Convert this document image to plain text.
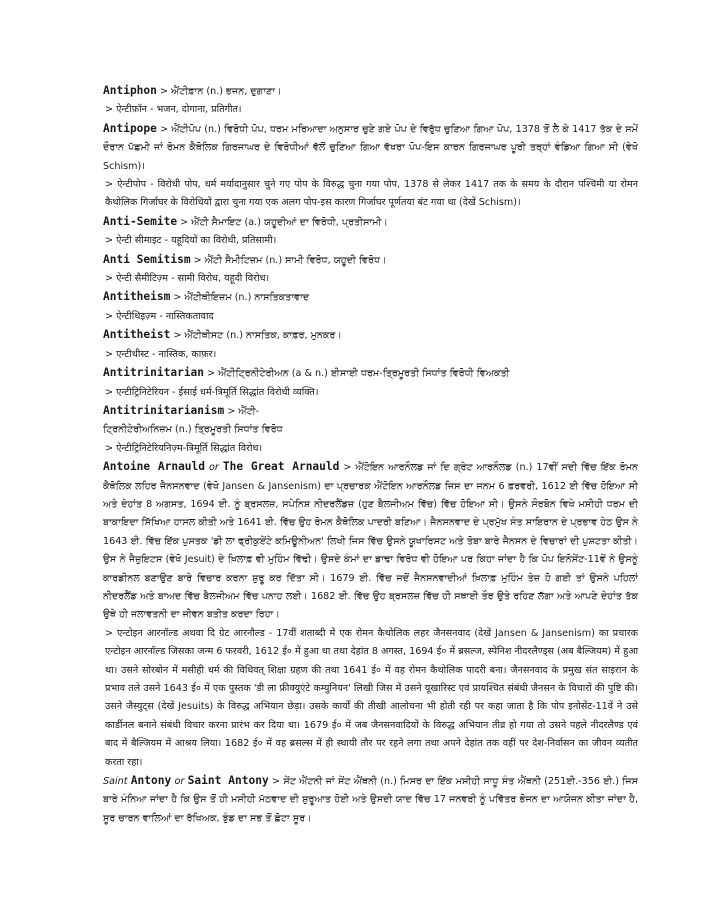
Antiphon > ਐਂਟੀਫ਼ਾਨ (n.) ਭਜਨ, ਦੁਗਾਣਾ।
> ऐन्टीफ़ॉन - भजन, दोगाना, प्रतिगीत।
Antipope > ਐਂਟੀਪੋਪ (n.) ਵਿਰੋਧੀ ਪੋਪ, ਧਰਮ ਮਰਿਆਦਾ ਅਨੁਸਾਰ ਚੁਣੇ ਗਏ ਪੋਪ ਦੇ ਵਿਰੁੱਧ ਚੁਣਿਆ ਗਿਆ ਪੋਪ, 1378 ਤੋਂ ਲੈ ਕੇ 1417 ਤੱਕ ਦੇ ਸਮੇਂ ਦੌਰਾਨ ਪੱਛਮੀ ਜਾਂ ਰੋਮਨ ਕੈਥੋਲਿਕ ਗਿਰਜਾਘਰ ਦੇ ਵਿਰੋਧੀਆਂ ਵੱਲੋਂ ਚੁਣਿਆ ਗਿਆ ਵੱਖਰਾ ਪੋਪ-ਇਸ ਕਾਰਨ ਗਿਰਜਾਘਰ ਪੂਰੀ ਤਰ੍ਹਾਂ ਵੰਡਿਆ ਗਿਆ ਸੀ (ਵੇਖੋ Schism)।
> ऐन्टीपोप - विरोधी पोप, धर्म मर्यादानुसार चुने गए पोप के विरुद्ध चुना गया पोप, 1378 से लेकर 1417 तक के समय के दौरान पश्चिमी या रोमन कैथोलिक गिर्जाघर के विरोधियों द्वारा चुना गया एक अलग पोप-इस कारण गिर्जाघर पूर्णतया बंट गया था (देखें Schism)।
Anti-Semite > ਐਂਟੀ ਸੈਮਾਇਟ (a.) ਯਹੂਦੀਆਂ ਦਾ ਵਿਰੋਧੀ, ਪ੍ਰਤੀਸਾਮੀ।
> ऐन्टी सीमाइट - यहूदियों का विरोधी, प्रतिसामी।
Anti Semitism > ਐਂਟੀ ਸੈਮੀਟਿਜ਼ਮ (n.) ਸਾਮੀ ਵਿਰੋਧ, ਯਹੂਦੀ ਵਿਰੋਧ।
> ऐन्टी सैमीटिज़्म - सामी विरोध, यहूदी विरोध।
Antitheism > ਐਂਟੀਥੀਇਜ਼ਮ (n.) ਨਾਸਤਿਕਤਾਵਾਦ
> ऐन्टीथिइज़्म - नास्तिकतावाद
Antitheist > ਐਂਟੀਥੀਸਟ (n.) ਨਾਸਤਿਕ, ਕਾਫ਼ਰ, ਮੁਨਕਰ।
> एन्टीथीस्ट - नास्तिक, काफ़र।
Antitrinitarian > ਐਂਟੀਟ੍ਰਿਨੀਟੇਰੀਅਨ (a & n.) ਈਸਾਈ ਧਰਮ-ਤ੍ਰਿਮੂਰਤੀ ਸਿਧਾਂਤ ਵਿਰੋਧੀ ਵਿਅਕਤੀ
> एन्टीट्रिनिटेरियन - ईसाई धर्म-त्रिमूर्ति सिद्धांत विरोधी व्यक्ति।
Antitrinitarianism > ਐਂਟੀ-
ਟ੍ਰਿਨੀਟੇਰੀਅਨਿਜ਼ਮ (n.) ਤ੍ਰਿਮੂਰਤੀ ਸਿਧਾਂਤ ਵਿਰੋਧ
> ऐन्टीट्रिनिटेरियनिज़्म-त्रिमूर्ति सिद्धांत विरोध।
Antoine Arnauld or The Great Arnauld > ਐਂਟੋਇਨ ਆਰਨੌਲਡ ਜਾਂ ਦਿ ਗ੍ਰੇਟ ਆਰਨੌਲਡ (n.) 17ਵੀਂ ਸਦੀ ਵਿੱਚ ਇੱਕ ਰੋਮਨ ਕੈਥੋਲਿਕ ਲਹਿਰ ਜੈਨਸਨਵਾਦ (ਵੇਖੋ Jansen & Jansenism) ਦਾ ਪ੍ਰਚਾਰਕ ਐਂਟੋਇਨ ਆਰਨੌਲਡ ਜਿਸ ਦਾ ਜਨਮ 6 ਫ਼ਰਵਰੀ, 1612 ਈ ਵਿੱਚ ਹੋਇਆ ਸੀ ਅਤੇ ਦੇਹਾਂਤ 8 ਅਗਸਤ, 1694 ਈ. ਨੂੰ ਬ੍ਰਸਲਜ਼, ਸਪੇਨਿਸ਼ ਨੀਦਰਲੈਂਡਜ਼ (ਹੁਣ ਬੈਲਜੀਅਮ ਵਿੱਚ) ਵਿੱਚ ਹੋਇਆ ਸੀ। ਉਸਨੇ ਸੌਰਬੋਨ ਵਿਖੇ ਮਸੀਹੀ ਧਰਮ ਦੀ ਬਾਕਾਇਦਾ ਸਿੱਖਿਆ ਹਾਸਲ ਕੀਤੀ ਅਤੇ 1641 ਈ. ਵਿੱਚ ਉਹ ਰੋਮਨ ਕੈਥੋਲਿਕ ਪਾਦਰੀ ਬਣਿਆ। ਜੈਨਸਨਵਾਦ ਦੇ ਪ੍ਰਮੁੱਖ ਸੰਤ ਸਾਇਰਾਨ ਦੇ ਪ੍ਰਭਾਵ ਹੇਠ ਉਸ ਨੇ 1643 ਈ. ਵਿੱਚ ਇੱਕ ਪੁਸਤਕ 'ਡੀ ਲਾ ਫ੍ਰੀਕੁਏਂਟੇ ਕਮਿਊਨੀਅਨ' ਲਿਖੀ ਜਿਸ ਵਿੱਚ ਉਸਨੇ ਯੂਖਾਰਿਸਟ ਅਤੇ ਤੋਬਾ ਬਾਰੇ ਜੈਨਸਨ ਦੇ ਵਿਚਾਰਾਂ ਦੀ ਪੁਸ਼ਟਤਾ ਕੀਤੀ। ਉਸ ਨੇ ਜੈਜ਼ੁਇਟਸ (ਵੇਖੋ Jesuit) ਦੇ ਖ਼ਿਲਾਫ਼ ਵੀ ਮੁਹਿੰਮ ਵਿੱਢੀ। ਉਸਦੇ ਕੰਮਾਂ ਦਾ ਡਾਢਾ ਵਿਰੋਧ ਵੀ ਹੋਇਆ ਪਰ ਕਿਹਾ ਜਾਂਦਾ ਹੈ ਕਿ ਪੋਪ ਇਨੋਸੇਂਟ-11ਵੇਂ ਨੇ ਉਸਨੂੰ ਕਾਰਡੀਨਲ ਬਣਾਉਣ ਬਾਰੇ ਵਿਚਾਰ ਕਰਨਾ ਸ਼ੁਰੂ ਕਰ ਦਿੱਤਾ ਸੀ। 1679 ਈ. ਵਿੱਚ ਜਦੋਂ ਜੈਨਸਨਵਾਦੀਆਂ ਖ਼ਿਲਾਫ਼ ਮੁਹਿੰਮ ਤੇਜ਼ ਹੋ ਗਈ ਤਾਂ ਉਸਨੇ ਪਹਿਲਾਂ ਨੀਦਰਲੈਂਡ ਅਤੇ ਬਾਅਦ ਵਿੱਚ ਬੈਲਜੀਅਮ ਵਿੱਚ ਪਨਾਹ ਲਈ। 1682 ਈ. ਵਿੱਚ ਉਹ ਬ੍ਰਸਲਜ਼ ਵਿੱਚ ਹੀ ਸਥਾਈ ਤੌਰ ਉਤੇ ਰਹਿਣ ਲੱਗਾ ਅਤੇ ਆਪਣੇ ਦੇਹਾਂਤ ਤੱਕ ਉਥੇ ਹੀ ਜਲਾਵਤਨੀ ਦਾ ਜੀਵਨ ਬਤੀਤ ਕਰਦਾ ਰਿਹਾ।
> एन्टोइन आरनॉल्ड अथवा दि ग्रेट आरनौल्ड - 17वीं शताब्दी में एक रोमन कैथोलिक लहर जैनसनवाद (देखें Jansen & Jansenism) का प्रचारक एन्टोइन आरनॉल्ड जिसका जन्म 6 फरवरी, 1612 ई० में हुआ था तथा देहांत 8 अगस्त, 1694 ई० में ब्रसल्ज, स्पेनिश नीदरलैण्ड्स (अब बैल्जियम) में हुआ था। उसने सोरबोन में मसीही धर्म की विधिवत् शिक्षा ग्रहण की तथा 1641 ई० में वह रोमन कैथोलिक पादरी बना। जैनसनवाद के प्रमुख संत साइरान के प्रभाव तले उसने 1643 ई० में एक पुस्तक 'डी ला फ्रीक्युएंटे कम्युनियन' लिखी जिस में उसने यूखारिस्ट एवं प्रायश्चित संबंधी जैनसन के विचारों की पुष्टि की। उसने जैस्युट्स (देखें Jesuits) के विरुद्ध अभियान छेड़ा। उसके कार्यों की तीखी आलोचना भी होती रही पर कहा जाता है कि पोप इनोसेंट-11वें ने उसे कार्डीनल बनाने संबंधी विचार करना प्रारंभ कर दिया था। 1679 ई० में जब जैनसनवादियों के विरुद्ध अभियान तीव्र हो गया तो उसने पहले नीदरलैण्ड एवं बाद में बैल्जियम में आश्रय लिया। 1682 ई० में वह ब्रसल्स में ही स्थायी तौर पर रहने लगा तथा अपने देहांत तक वहीं पर देश-निर्वासन का जीवन व्यतीत करता रहा।
Saint Antony or Saint Antony > ਸੇਂਟ ਐਂਟਨੀ ਜਾਂ ਸੇਂਟ ਐਂਥਨੀ (n.) ਮਿਸਰ ਦਾ ਇੱਕ ਮਸੀਹੀ ਸਾਧੂ ਸੰਤ ਐਂਥਨੀ (251ਈ.-356 ਈ.) ਜਿਸ ਬਾਰੇ ਮੰਨਿਆ ਜਾਂਦਾ ਹੈ ਕਿ ਉਸ ਤੋਂ ਹੀ ਮਸੀਹੀ ਮੱਠਵਾਦ ਦੀ ਸ਼ੁਰੂਆਤ ਹੋਈ ਅਤੇ ਉਸਦੀ ਯਾਦ ਵਿੱਚ 17 ਜਨਵਰੀ ਨੂੰ ਪਵਿੱਤਰ ਭੋਜਨ ਦਾ ਆਯੋਜਨ ਕੀਤਾ ਜਾਂਦਾ ਹੈ, ਸੂਰ ਚਾਰਨ ਵਾਲਿਆਂ ਦਾ ਰੱਖਿਅਕ, ਝੁੰਡ ਦਾ ਸਭ ਤੋਂ ਛੋਟਾ ਸੂਰ।
